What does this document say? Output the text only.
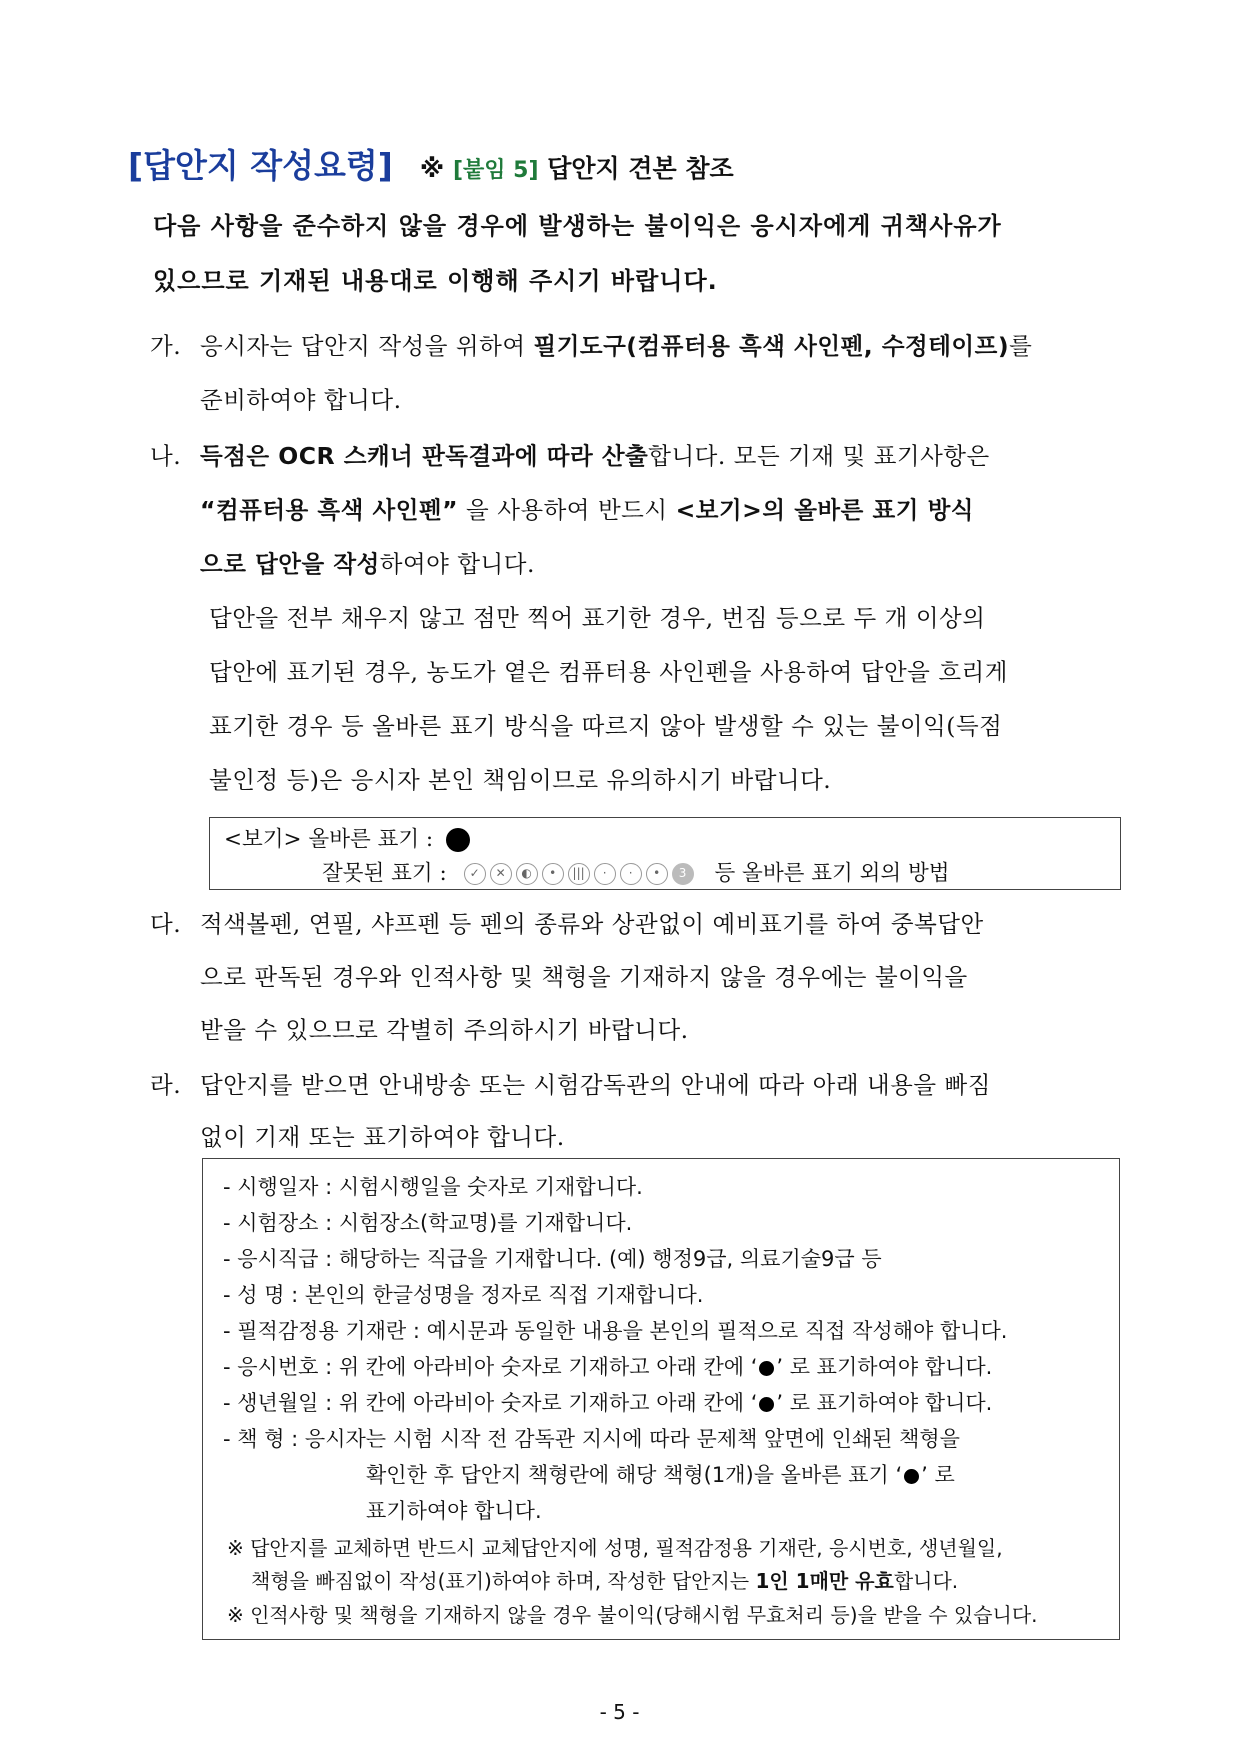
[답안지 작성요령] ※ [붙임 5] 답안지 견본 참조
다음 사항을 준수하지 않을 경우에 발생하는 불이익은 응시자에게 귀책사유가
있으므로 기재된 내용대로 이행해 주시기 바랍니다.
가. 응시자는 답안지 작성을 위하여 필기도구(컴퓨터용 흑색 사인펜, 수정테이프)를
준비하여야 합니다.
나. 득점은 OCR 스캐너 판독결과에 따라 산출합니다. 모든 기재 및 표기사항은
“컴퓨터용 흑색 사인펜” 을 사용하여 반드시 <보기>의 올바른 표기 방식
으로 답안을 작성하여야 합니다.
답안을 전부 채우지 않고 점만 찍어 표기한 경우, 번짐 등으로 두 개 이상의
답안에 표기된 경우, 농도가 옅은 컴퓨터용 사인펜을 사용하여 답안을 흐리게
표기한 경우 등 올바른 표기 방식을 따르지 않아 발생할 수 있는 불이익(득점
불인정 등)은 응시자 본인 책임이므로 유의하시기 바랍니다.
<보기> 올바른 표기 :
잘못된 표기 :	✓	✕	◐	•	|||	·	·	•	3	등 올바른 표기 외의 방법
다. 적색볼펜, 연필, 샤프펜 등 펜의 종류와 상관없이 예비표기를 하여 중복답안
으로 판독된 경우와 인적사항 및 책형을 기재하지 않을 경우에는 불이익을
받을 수 있으므로 각별히 주의하시기 바랍니다.
라. 답안지를 받으면 안내방송 또는 시험감독관의 안내에 따라 아래 내용을 빠짐
없이 기재 또는 표기하여야 합니다.
- 시행일자 : 시험시행일을 숫자로 기재합니다.
- 시험장소 : 시험장소(학교명)를 기재합니다.
- 응시직급 : 해당하는 직급을 기재합니다. (예) 행정9급, 의료기술9급 등
- 성 명 : 본인의 한글성명을 정자로 직접 기재합니다.
- 필적감정용 기재란 : 예시문과 동일한 내용을 본인의 필적으로 직접 작성해야 합니다.
- 응시번호 : 위 칸에 아라비아 숫자로 기재하고 아래 칸에 ‘ ’ 로 표기하여야 합니다.
- 생년월일 : 위 칸에 아라비아 숫자로 기재하고 아래 칸에 ‘ ’ 로 표기하여야 합니다.
- 책 형 : 응시자는 시험 시작 전 감독관 지시에 따라 문제책 앞면에 인쇄된 책형을
확인한 후 답안지 책형란에 해당 책형(1개)을 올바른 표기 ‘ ’ 로
표기하여야 합니다.
※ 답안지를 교체하면 반드시 교체답안지에 성명, 필적감정용 기재란, 응시번호, 생년월일,
책형을 빠짐없이 작성(표기)하여야 하며, 작성한 답안지는 1인 1매만 유효합니다.
※ 인적사항 및 책형을 기재하지 않을 경우 불이익(당해시험 무효처리 등)을 받을 수 있습니다.
- 5 -
